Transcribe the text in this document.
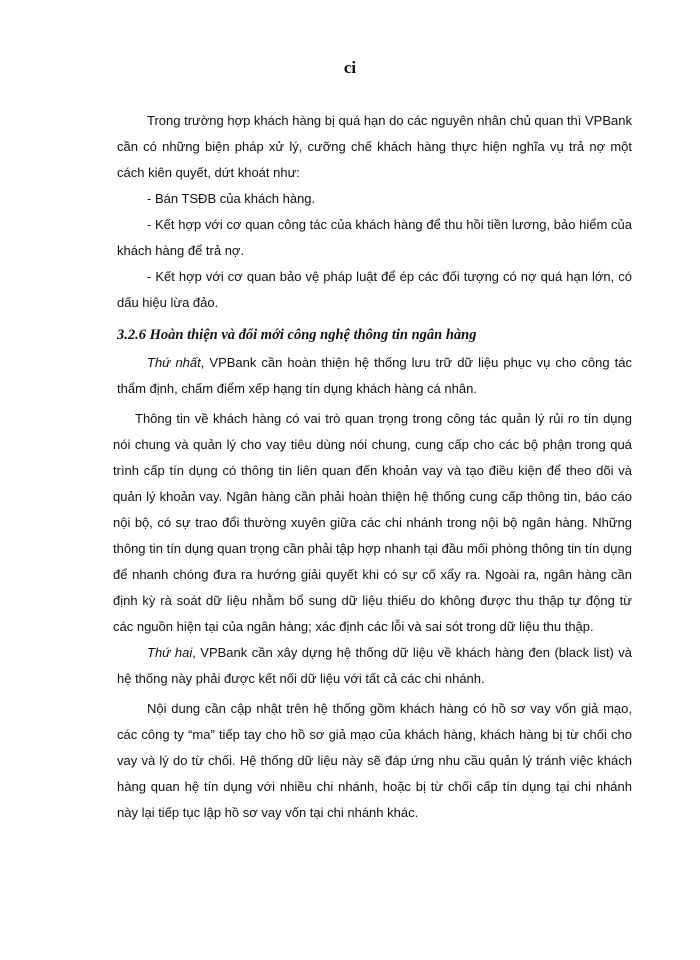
ci

Trong trường hợp khách hàng bị quá hạn do các nguyên nhân chủ quan thì VPBank cần có những biện pháp xử lý, cưỡng chế khách hàng thực hiện nghĩa vụ trả nợ một cách kiên quyết, dứt khoát như:

- Bán TSĐB của khách hàng.

- Kết hợp với cơ quan công tác của khách hàng để thu hồi tiền lương, bảo hiểm của khách hàng để trả nợ.

- Kết hợp với cơ quan bảo vệ pháp luật để ép các đối tượng có nợ quá hạn lớn, có dấu hiệu lừa đảo.

3.2.6 Hoàn thiện và đổi mới công nghệ thông tin ngân hàng

Thứ nhất, VPBank cần hoàn thiện hệ thống lưu trữ dữ liệu phục vụ cho công tác thẩm định, chấm điểm xếp hạng tín dụng khách hàng cá nhân.

Thông tin về khách hàng có vai trò quan trọng trong công tác quản lý rủi ro tín dụng nói chung và quản lý cho vay tiêu dùng nói chung, cung cấp cho các bộ phận trong quá trình cấp tín dụng có thông tin liên quan đến khoản vay và tạo điều kiện để theo dõi và quản lý khoản vay. Ngân hàng cần phải hoàn thiện hệ thống cung cấp thông tin, báo cáo nội bộ, có sự trao đổi thường xuyên giữa các chi nhánh trong nội bộ ngân hàng. Những thông tin tín dụng quan trọng cần phải tập hợp nhanh tại đầu mối phòng thông tin tín dụng để nhanh chóng đưa ra hướng giải quyết khi có sự cố xẩy ra. Ngoài ra, ngân hàng cần định kỳ rà soát dữ liệu nhằm bổ sung dữ liệu thiếu do không được thu thập tự động từ các nguồn hiện tại của ngân hàng; xác định các lỗi và sai sót trong dữ liệu thu thập.

Thứ hai, VPBank cần xây dựng hệ thống dữ liệu về khách hàng đen (black list) và hệ thống này phải được kết nối dữ liệu với tất cả các chi nhánh.

Nội dung cần cập nhật trên hệ thống gồm khách hàng có hồ sơ vay vốn giả mạo, các công ty “ma” tiếp tay cho hồ sơ giả mạo của khách hàng, khách hàng bị từ chối cho vay và lý do từ chối. Hệ thống dữ liệu này sẽ đáp ứng nhu cầu quản lý tránh việc khách hàng quan hệ tín dụng với nhiều chi nhánh, hoặc bị từ chối cấp tín dụng tại chi nhánh này lại tiếp tục lập hồ sơ vay vốn tại chi nhánh khác.
